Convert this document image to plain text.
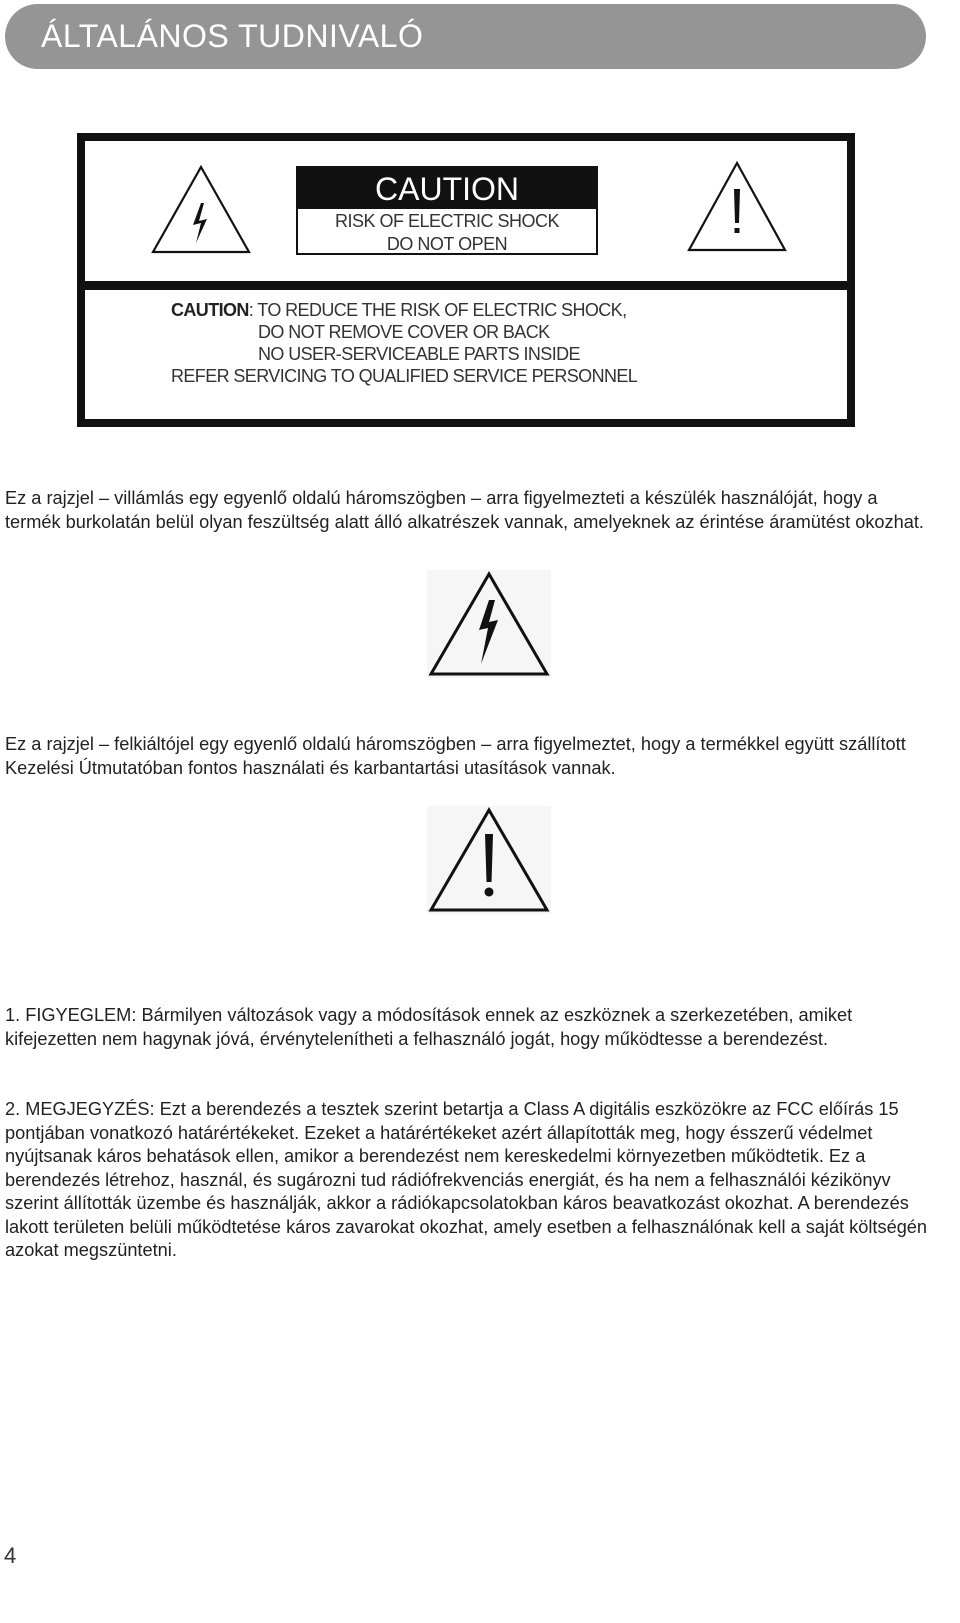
ÁLTALÁNOS TUDNIVALÓ
CAUTION
RISK OF ELECTRIC SHOCK
DO NOT OPEN
CAUTION: TO REDUCE THE RISK OF ELECTRIC SHOCK,
DO NOT REMOVE COVER OR BACK
NO USER-SERVICEABLE PARTS INSIDE
REFER SERVICING TO QUALIFIED SERVICE PERSONNEL

Ez a rajzjel – villámlás egy egyenlő oldalú háromszögben – arra figyelmezteti a készülék használóját, hogy a termék burkolatán belül olyan feszültség alatt álló alkatrészek vannak, amelyeknek az érintése áramütést okozhat.

Ez a rajzjel – felkiáltójel egy egyenlő oldalú háromszögben – arra figyelmeztet, hogy a termékkel együtt szállított Kezelési Útmutatóban fontos használati és karbantartási utasítások vannak.

1. FIGYEGLEM: Bármilyen változások vagy a módosítások ennek az eszköznek a szerkezetében, amiket kifejezetten nem hagynak jóvá, érvénytelenítheti a felhasználó jogát, hogy működtesse a berendezést.

2. MEGJEGYZÉS: Ezt a berendezés a tesztek szerint betartja a Class A digitális eszközökre az FCC előírás 15 pontjában vonatkozó határértékeket. Ezeket a határértékeket azért állapították meg, hogy ésszerű védelmet nyújtsanak káros behatások ellen, amikor a berendezést nem kereskedelmi környezetben működtetik. Ez a berendezés létrehoz, használ, és sugározni tud rádiófrekvenciás energiát, és ha nem a felhasználói kézikönyv szerint állították üzembe és használják, akkor a rádiókapcsolatokban káros beavatkozást okozhat. A berendezés lakott területen belüli működtetése káros zavarokat okozhat, amely esetben a felhasználónak kell a saját költségén azokat megszüntetni.

4
